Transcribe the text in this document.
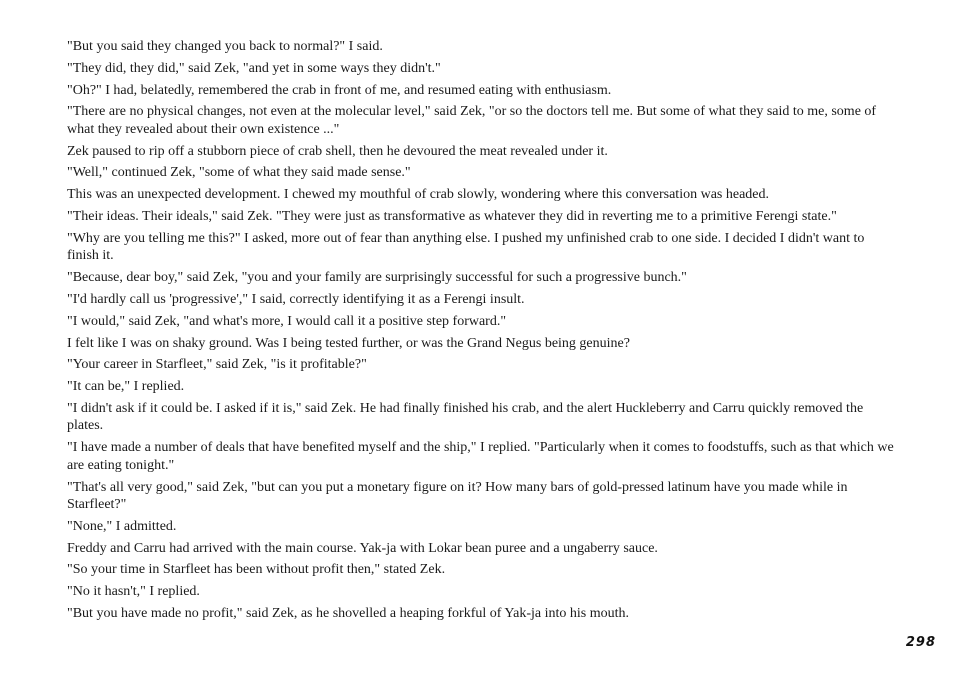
"But you said they changed you back to normal?" I said.

"They did, they did," said Zek, "and yet in some ways they didn't."

"Oh?" I had, belatedly, remembered the crab in front of me, and resumed eating with enthusiasm.

"There are no physical changes, not even at the molecular level," said Zek, "or so the doctors tell me. But some of what they said to me, some of what they revealed about their own existence ..."

Zek paused to rip off a stubborn piece of crab shell, then he devoured the meat revealed under it.

"Well," continued Zek, "some of what they said made sense."

This was an unexpected development. I chewed my mouthful of crab slowly, wondering where this conversation was headed.

"Their ideas. Their ideals," said Zek. "They were just as transformative as whatever they did in reverting me to a primitive Ferengi state."

"Why are you telling me this?" I asked, more out of fear than anything else. I pushed my unfinished crab to one side. I decided I didn't want to finish it.

"Because, dear boy," said Zek, "you and your family are surprisingly successful for such a progressive bunch."

"I'd hardly call us 'progressive'," I said, correctly identifying it as a Ferengi insult.

"I would," said Zek, "and what's more, I would call it a positive step forward."

I felt like I was on shaky ground. Was I being tested further, or was the Grand Negus being genuine?

"Your career in Starfleet," said Zek, "is it profitable?"

"It can be," I replied.

"I didn't ask if it could be. I asked if it is," said Zek. He had finally finished his crab, and the alert Huckleberry and Carru quickly removed the plates.

"I have made a number of deals that have benefited myself and the ship," I replied. "Particularly when it comes to foodstuffs, such as that which we are eating tonight."

"That's all very good," said Zek, "but can you put a monetary figure on it? How many bars of gold-pressed latinum have you made while in Starfleet?"

"None," I admitted.

Freddy and Carru had arrived with the main course. Yak-ja with Lokar bean puree and a ungaberry sauce.

"So your time in Starfleet has been without profit then," stated Zek.

"No it hasn't," I replied.

"But you have made no profit," said Zek, as he shovelled a heaping forkful of Yak-ja into his mouth.

298
